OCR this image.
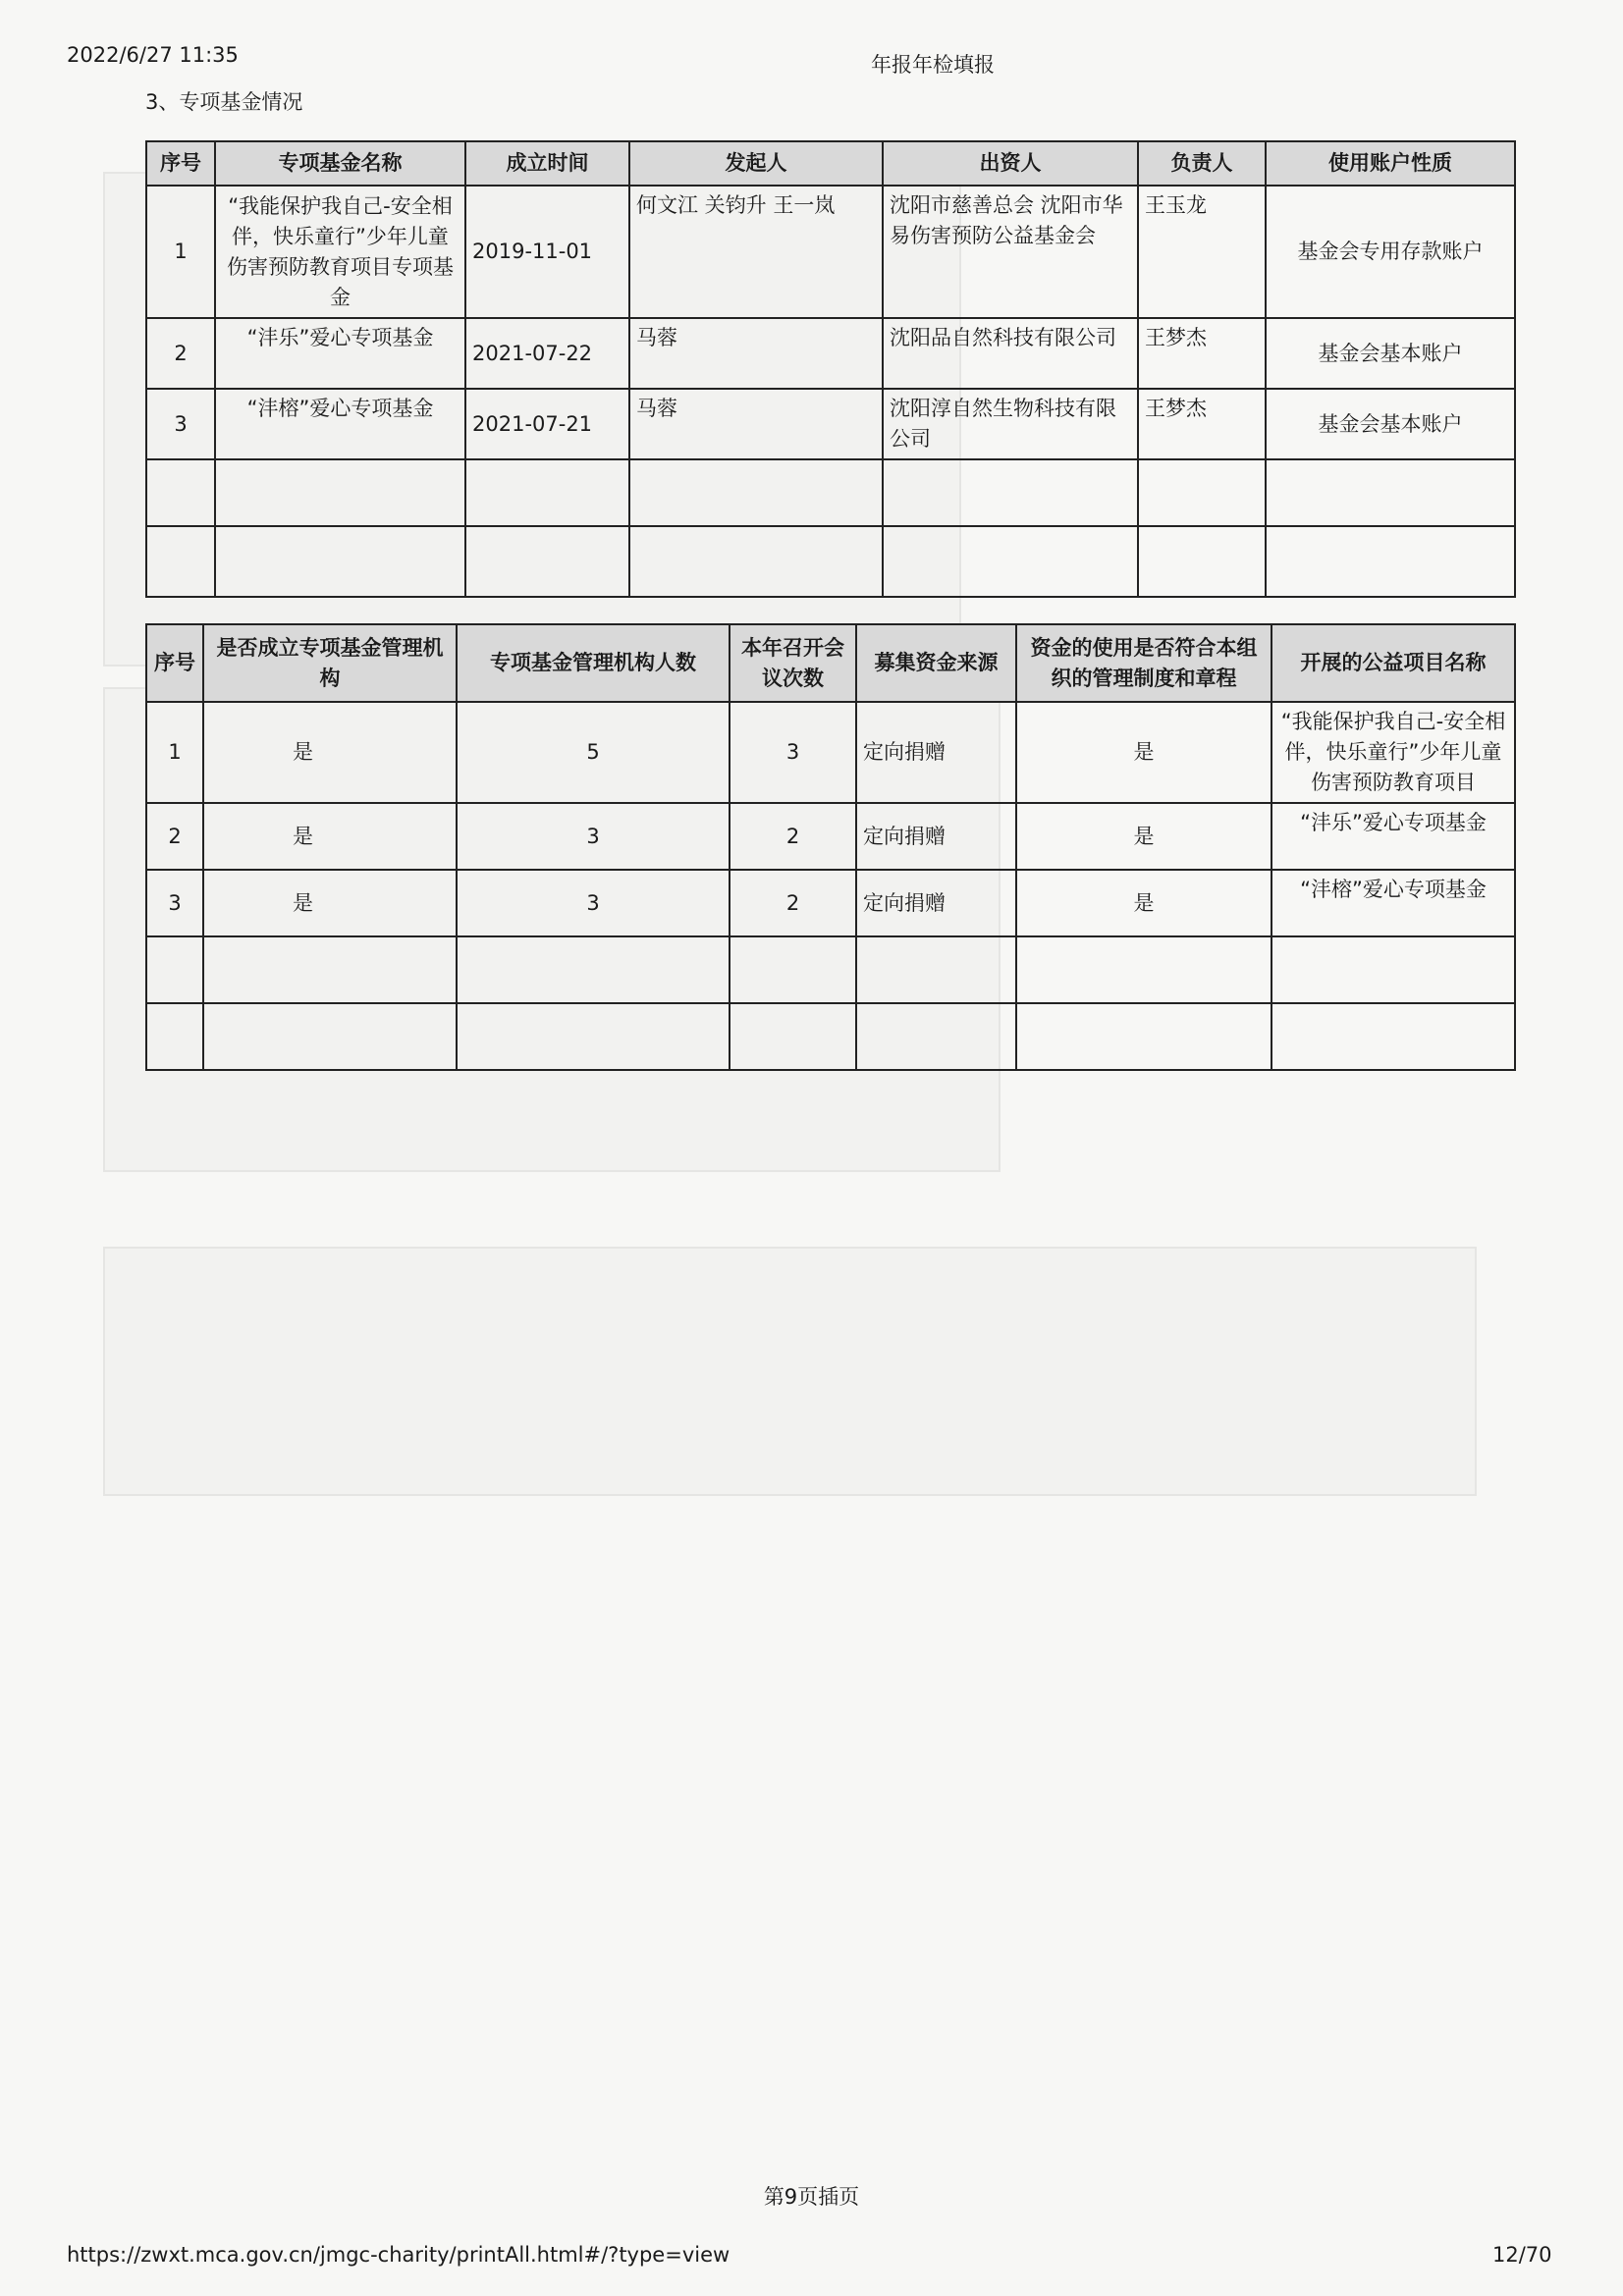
2022/6/27 11:35	年报年检填报
3、专项基金情况
序号	专项基金名称	成立时间	发起人	出资人	负责人	使用账户性质
1	“我能保护我自己-安全相伴，快乐童行”少年儿童伤害预防教育项目专项基金	2019-11-01	何文江 关钧升 王一岚	沈阳市慈善总会 沈阳市华易伤害预防公益基金会	王玉龙	基金会专用存款账户
2	“沣乐”爱心专项基金	2021-07-22	马蓉	沈阳品自然科技有限公司	王梦杰	基金会基本账户
3	“沣榕”爱心专项基金	2021-07-21	马蓉	沈阳淳自然生物科技有限公司	王梦杰	基金会基本账户

序号	是否成立专项基金管理机构	专项基金管理机构人数	本年召开会议次数	募集资金来源	资金的使用是否符合本组织的管理制度和章程	开展的公益项目名称
1	是	5	3	定向捐赠	是	“我能保护我自己-安全相伴，快乐童行”少年儿童伤害预防教育项目
2	是	3	2	定向捐赠	是	“沣乐”爱心专项基金
3	是	3	2	定向捐赠	是	“沣榕”爱心专项基金

第9页插页
https://zwxt.mca.gov.cn/jmgc-charity/printAll.html#/?type=view	12/70
